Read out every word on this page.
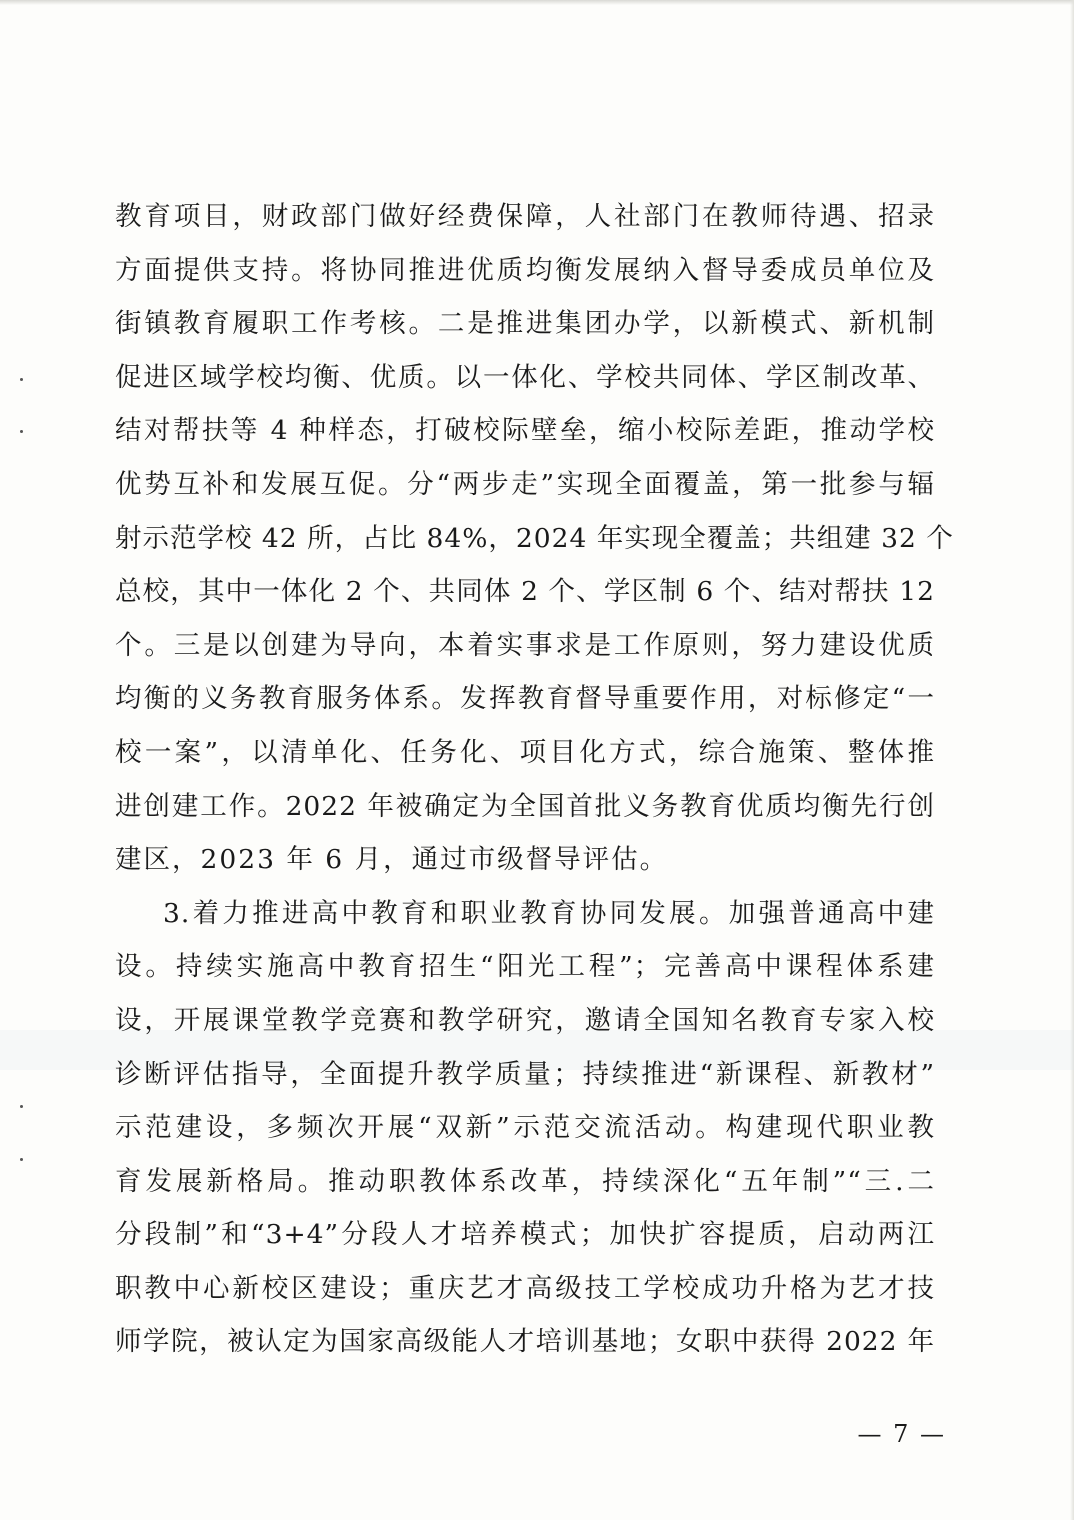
教育项目，财政部门做好经费保障，人社部门在教师待遇、招录
方面提供支持。将协同推进优质均衡发展纳入督导委成员单位及
街镇教育履职工作考核。二是推进集团办学，以新模式、新机制
促进区域学校均衡、优质。以一体化、学校共同体、学区制改革、
结对帮扶等 4 种样态，打破校际壁垒，缩小校际差距，推动学校
优势互补和发展互促。分“两步走”实现全面覆盖，第一批参与辐
射示范学校 42 所，占比 84%，2024 年实现全覆盖；共组建 32 个
总校，其中一体化 2 个、共同体 2 个、学区制 6 个、结对帮扶 12
个。三是以创建为导向，本着实事求是工作原则，努力建设优质
均衡的义务教育服务体系。发挥教育督导重要作用，对标修定“一
校一案”，以清单化、任务化、项目化方式，综合施策、整体推
进创建工作。2022 年被确定为全国首批义务教育优质均衡先行创
建区，2023 年 6 月，通过市级督导评估。
3.着力推进高中教育和职业教育协同发展。加强普通高中建
设。持续实施高中教育招生“阳光工程”；完善高中课程体系建
设，开展课堂教学竞赛和教学研究，邀请全国知名教育专家入校
诊断评估指导，全面提升教学质量；持续推进“新课程、新教材”
示范建设，多频次开展“双新”示范交流活动。构建现代职业教
育发展新格局。推动职教体系改革，持续深化“五年制”“三.二
分段制”和“3+4”分段人才培养模式；加快扩容提质，启动两江
职教中心新校区建设；重庆艺才高级技工学校成功升格为艺才技
师学院，被认定为国家高级能人才培训基地；女职中获得 2022 年
— 7 —
